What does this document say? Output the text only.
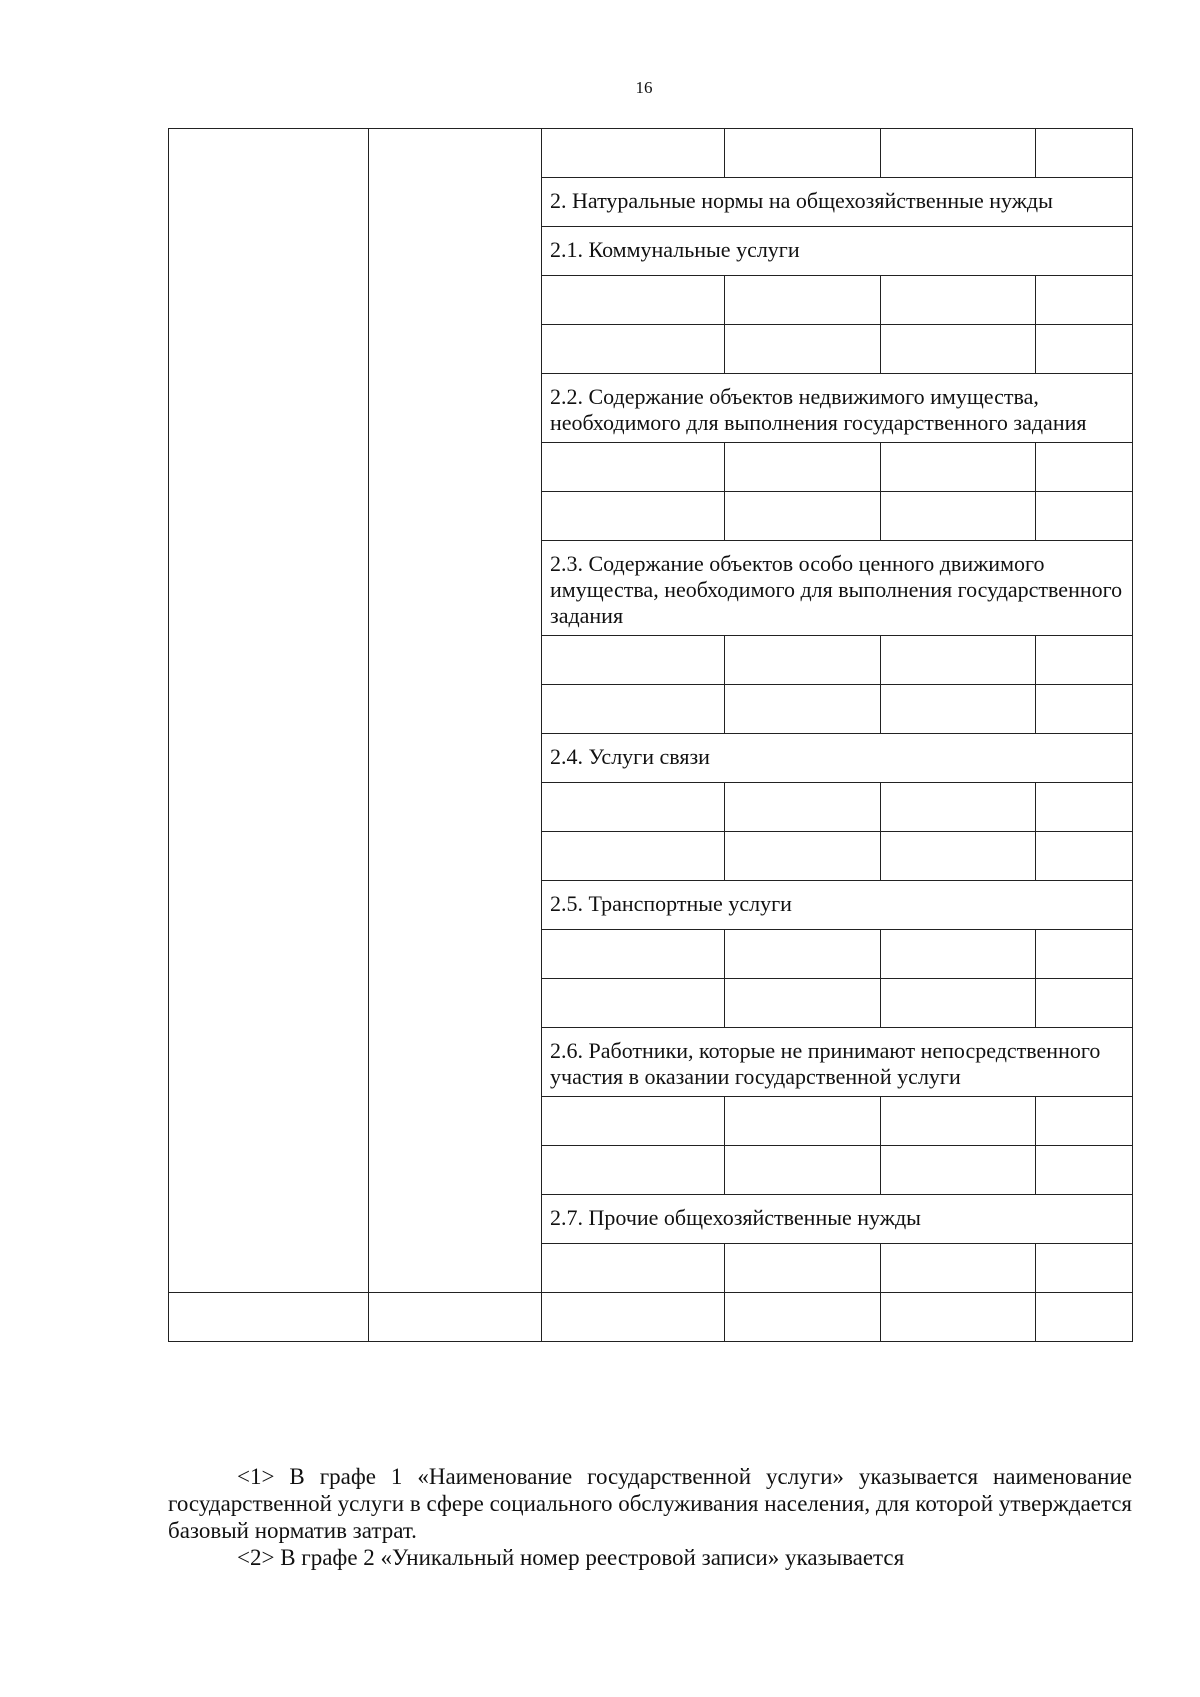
16

		2. Натуральные нормы на общехозяйственные нужды			
		2.1. Коммунальные услуги			

		2.2. Содержание объектов недвижимого имущества, необходимого для выполнения государственного задания			

		2.3. Содержание объектов особо ценного движимого имущества, необходимого для выполнения государственного задания			

		2.4. Услуги связи			

		2.5. Транспортные услуги			

		2.6. Работники, которые не принимают непосредственного участия в оказании государственной услуги			

		2.7. Прочие общехозяйственные нужды			

<1> В графе 1 «Наименование государственной услуги» указывается наименование государственной услуги в сфере социального обслуживания населения, для которой утверждается базовый норматив затрат.

<2> В графе 2 «Уникальный номер реестровой записи» указывается
